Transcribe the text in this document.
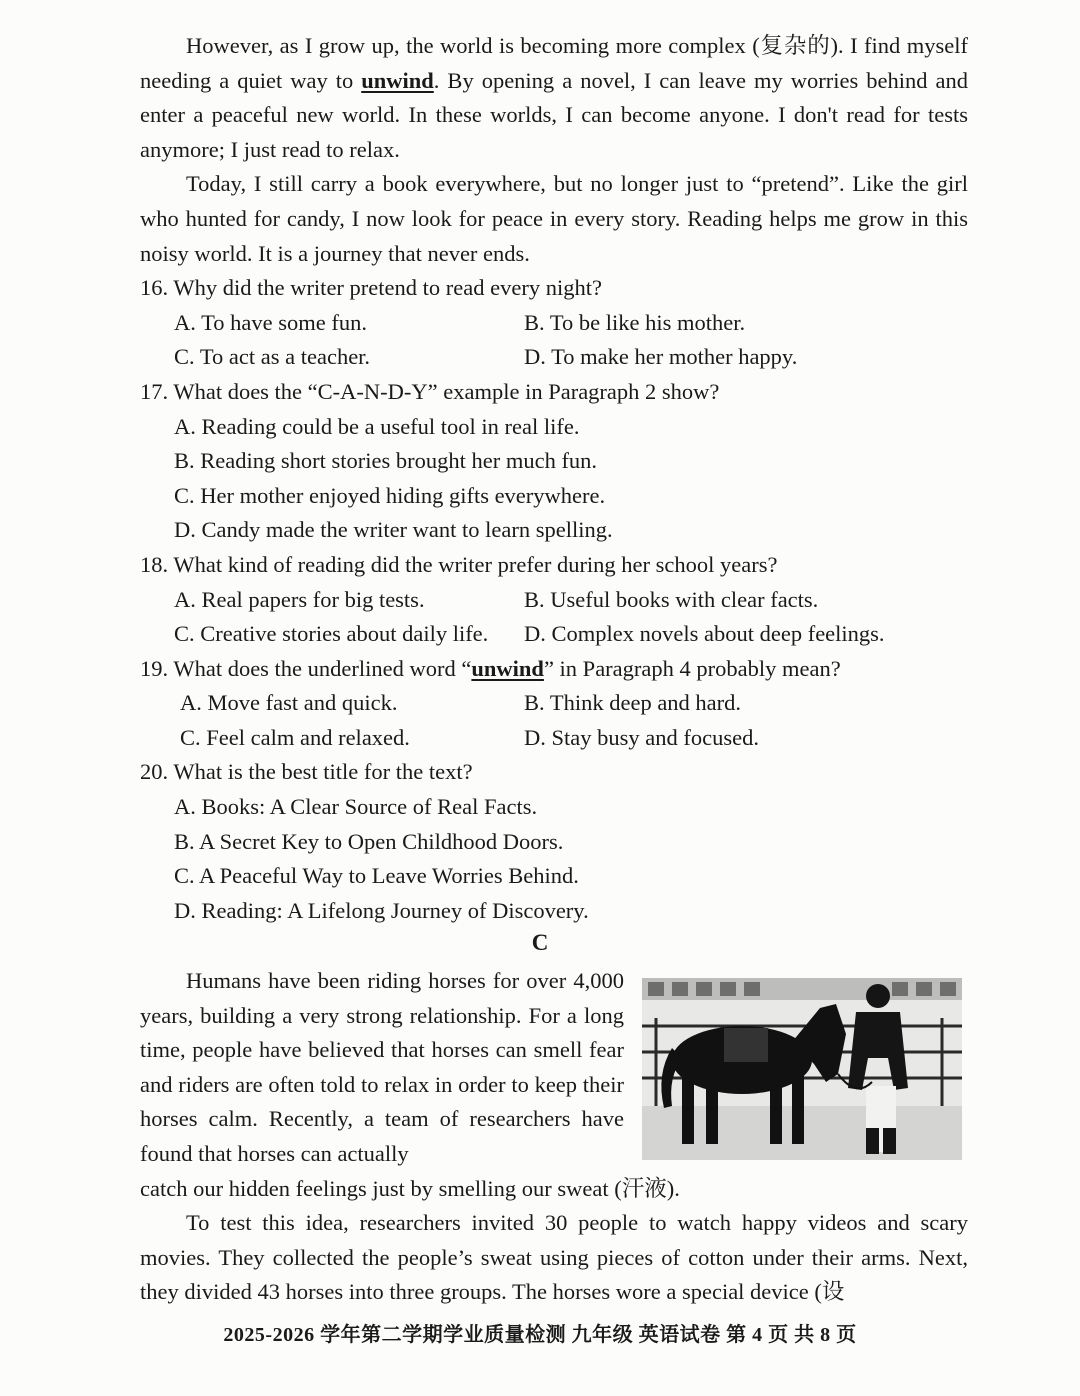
However, as I grow up, the world is becoming more complex (复杂的). I find myself needing a quiet way to unwind. By opening a novel, I can leave my worries behind and enter a peaceful new world. In these worlds, I can become anyone. I don't read for tests anymore; I just read to relax.

Today, I still carry a book everywhere, but no longer just to “pretend”. Like the girl who hunted for candy, I now look for peace in every story. Reading helps me grow in this noisy world. It is a journey that never ends.

16. Why did the writer pretend to read every night?

A. To have some fun.	B. To be like his mother.
C. To act as a teacher.	D. To make her mother happy.

17. What does the “C-A-N-D-Y” example in Paragraph 2 show?

A. Reading could be a useful tool in real life.

B. Reading short stories brought her much fun.

C. Her mother enjoyed hiding gifts everywhere.

D. Candy made the writer want to learn spelling.

18. What kind of reading did the writer prefer during her school years?

A. Real papers for big tests.	B. Useful books with clear facts.
C. Creative stories about daily life.	D. Complex novels about deep feelings.

19. What does the underlined word “unwind” in Paragraph 4 probably mean?

A. Move fast and quick.	B. Think deep and hard.
C. Feel calm and relaxed.	D. Stay busy and focused.

20. What is the best title for the text?

A. Books: A Clear Source of Real Facts.

B. A Secret Key to Open Childhood Doors.

C. A Peaceful Way to Leave Worries Behind.

D. Reading: A Lifelong Journey of Discovery.

C

Humans have been riding horses for over 4,000 years, building a very strong relationship. For a long time, people have believed that horses can smell fear and riders are often told to relax in order to keep their horses calm. Recently, a team of researchers have found that horses can actually

catch our hidden feelings just by smelling our sweat (汗液).

To test this idea, researchers invited 30 people to watch happy videos and scary movies. They collected the people’s sweat using pieces of cotton under their arms. Next, they divided 43 horses into three groups. The horses wore a special device (设

2025-2026 学年第二学期学业质量检测 九年级 英语试卷 第 4 页 共 8 页
